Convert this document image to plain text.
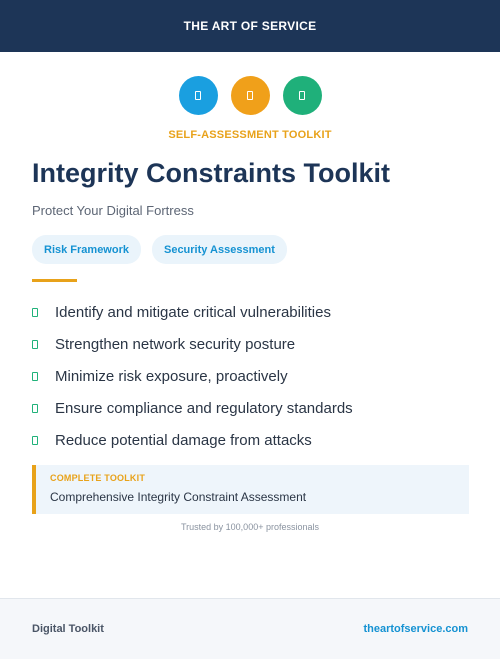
THE ART OF SERVICE
SELF-ASSESSMENT TOOLKIT
Integrity Constraints Toolkit
Protect Your Digital Fortress
Risk Framework	Security Assessment
Identify and mitigate critical vulnerabilities
Strengthen network security posture
Minimize risk exposure, proactively
Ensure compliance and regulatory standards
Reduce potential damage from attacks
COMPLETE TOOLKIT
Comprehensive Integrity Constraint Assessment
Trusted by 100,000+ professionals
Digital Toolkit	theartofservice.com
